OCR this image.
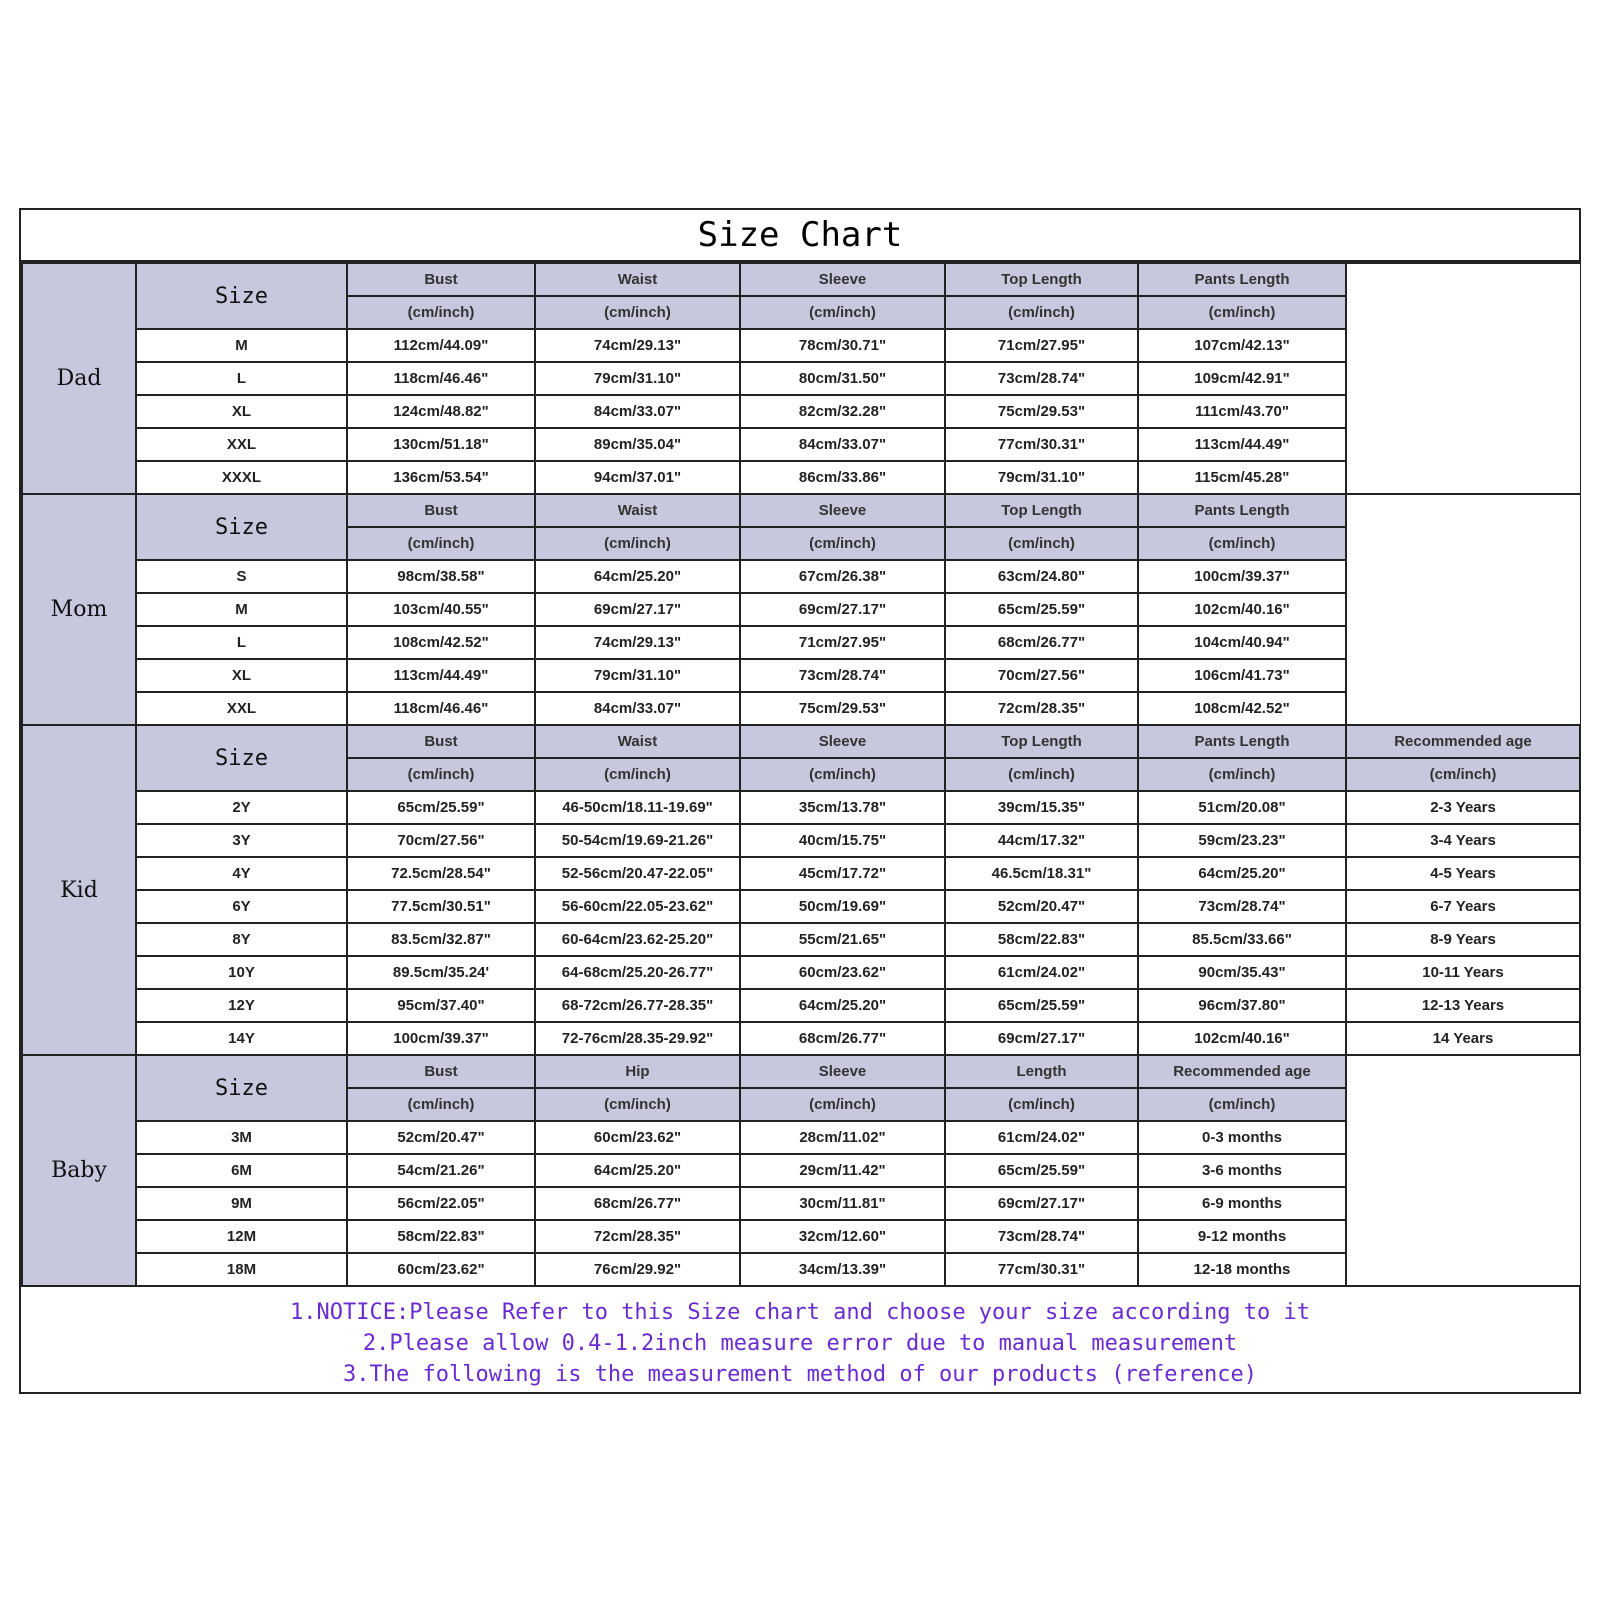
Size Chart
Dad	Size	Bust	Waist	Sleeve	Top Length	Pants Length	
		(cm/inch)	(cm/inch)	(cm/inch)	(cm/inch)	(cm/inch)	
	M	112cm/44.09"	74cm/29.13"	78cm/30.71"	71cm/27.95"	107cm/42.13"	
	L	118cm/46.46"	79cm/31.10"	80cm/31.50"	73cm/28.74"	109cm/42.91"	
	XL	124cm/48.82"	84cm/33.07"	82cm/32.28"	75cm/29.53"	111cm/43.70"	
	XXL	130cm/51.18"	89cm/35.04"	84cm/33.07"	77cm/30.31"	113cm/44.49"	
	XXXL	136cm/53.54"	94cm/37.01"	86cm/33.86"	79cm/31.10"	115cm/45.28"	
Mom	Size	Bust	Waist	Sleeve	Top Length	Pants Length	
		(cm/inch)	(cm/inch)	(cm/inch)	(cm/inch)	(cm/inch)	
	S	98cm/38.58"	64cm/25.20"	67cm/26.38"	63cm/24.80"	100cm/39.37"	
	M	103cm/40.55"	69cm/27.17"	69cm/27.17"	65cm/25.59"	102cm/40.16"	
	L	108cm/42.52"	74cm/29.13"	71cm/27.95"	68cm/26.77"	104cm/40.94"	
	XL	113cm/44.49"	79cm/31.10"	73cm/28.74"	70cm/27.56"	106cm/41.73"	
	XXL	118cm/46.46"	84cm/33.07"	75cm/29.53"	72cm/28.35"	108cm/42.52"	
Kid	Size	Bust	Waist	Sleeve	Top Length	Pants Length	Recommended age
		(cm/inch)	(cm/inch)	(cm/inch)	(cm/inch)	(cm/inch)	(cm/inch)
	2Y	65cm/25.59"	46-50cm/18.11-19.69"	35cm/13.78"	39cm/15.35"	51cm/20.08"	2-3 Years
	3Y	70cm/27.56"	50-54cm/19.69-21.26"	40cm/15.75"	44cm/17.32"	59cm/23.23"	3-4 Years
	4Y	72.5cm/28.54"	52-56cm/20.47-22.05"	45cm/17.72"	46.5cm/18.31"	64cm/25.20"	4-5 Years
	6Y	77.5cm/30.51"	56-60cm/22.05-23.62"	50cm/19.69"	52cm/20.47"	73cm/28.74"	6-7 Years
	8Y	83.5cm/32.87"	60-64cm/23.62-25.20"	55cm/21.65"	58cm/22.83"	85.5cm/33.66"	8-9 Years
	10Y	89.5cm/35.24'	64-68cm/25.20-26.77"	60cm/23.62"	61cm/24.02"	90cm/35.43"	10-11 Years
	12Y	95cm/37.40"	68-72cm/26.77-28.35"	64cm/25.20"	65cm/25.59"	96cm/37.80"	12-13 Years
	14Y	100cm/39.37"	72-76cm/28.35-29.92"	68cm/26.77"	69cm/27.17"	102cm/40.16"	14 Years
Baby	Size	Bust	Hip	Sleeve	Length	Recommended age	
		(cm/inch)	(cm/inch)	(cm/inch)	(cm/inch)	(cm/inch)	
	3M	52cm/20.47"	60cm/23.62"	28cm/11.02"	61cm/24.02"	0-3 months	
	6M	54cm/21.26"	64cm/25.20"	29cm/11.42"	65cm/25.59"	3-6 months	
	9M	56cm/22.05"	68cm/26.77"	30cm/11.81"	69cm/27.17"	6-9 months	
	12M	58cm/22.83"	72cm/28.35"	32cm/12.60"	73cm/28.74"	9-12 months	
	18M	60cm/23.62"	76cm/29.92"	34cm/13.39"	77cm/30.31"	12-18 months	
1.NOTICE:Please Refer to this Size chart and choose your size according to it
2.Please allow 0.4-1.2inch measure error due to manual measurement
3.The following is the measurement method of our products (reference)
